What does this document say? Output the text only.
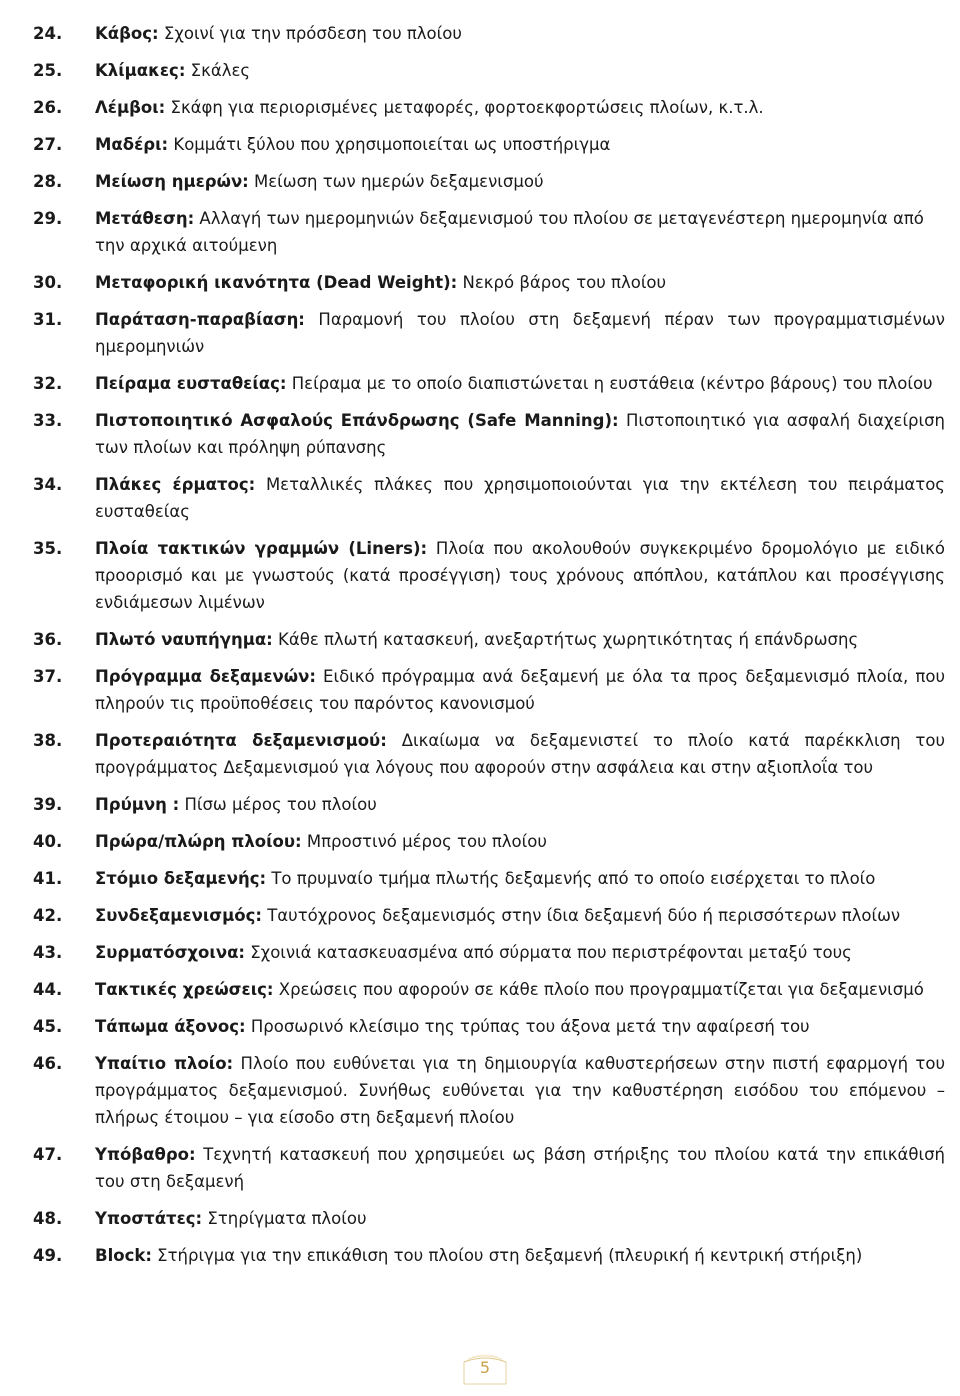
24.	Κάβος: Σχοινί για την πρόσδεση του πλοίου
25.	Κλίμακες: Σκάλες
26.	Λέμβοι: Σκάφη για περιορισμένες μεταφορές, φορτοεκφορτώσεις πλοίων, κ.τ.λ.
27.	Μαδέρι: Κομμάτι ξύλου που χρησιμοποιείται ως υποστήριγμα
28.	Μείωση ημερών: Μείωση των ημερών δεξαμενισμού
29.	Μετάθεση: Αλλαγή των ημερομηνιών δεξαμενισμού του πλοίου σε μεταγενέστερη ημερομηνία από την αρχικά αιτούμενη
30.	Μεταφορική ικανότητα (Dead Weight): Νεκρό βάρος του πλοίου
31.	Παράταση-παραβίαση: Παραμονή του πλοίου στη δεξαμενή πέραν των προγραμματισμένων ημερομηνιών
32.	Πείραμα ευσταθείας: Πείραμα με το οποίο διαπιστώνεται η ευστάθεια (κέντρο βάρους) του πλοίου
33.	Πιστοποιητικό Ασφαλούς Επάνδρωσης (Safe Manning): Πιστοποιητικό για ασφαλή διαχείριση των πλοίων και πρόληψη ρύπανσης
34.	Πλάκες έρματος: Μεταλλικές πλάκες που χρησιμοποιούνται για την εκτέλεση του πειράματος ευσταθείας
35.	Πλοία τακτικών γραμμών (Liners): Πλοία που ακολουθούν συγκεκριμένο δρομολόγιο με ειδικό προορισμό και με γνωστούς (κατά προσέγγιση) τους χρόνους απόπλου, κατάπλου και προσέγγισης ενδιάμεσων λιμένων
36.	Πλωτό ναυπήγημα: Κάθε πλωτή κατασκευή, ανεξαρτήτως χωρητικότητας ή επάνδρωσης
37.	Πρόγραμμα δεξαμενών: Ειδικό πρόγραμμα ανά δεξαμενή με όλα τα προς δεξαμενισμό πλοία, που πληρούν τις προϋποθέσεις του παρόντος κανονισμού
38.	Προτεραιότητα δεξαμενισμού: Δικαίωμα να δεξαμενιστεί το πλοίο κατά παρέκκλιση του προγράμματος Δεξαμενισμού για λόγους που αφορούν στην ασφάλεια και στην αξιοπλοΐα του
39.	Πρύμνη : Πίσω μέρος του πλοίου
40.	Πρώρα/πλώρη πλοίου: Μπροστινό μέρος του πλοίου
41.	Στόμιο δεξαμενής: Το πρυμναίο τμήμα πλωτής δεξαμενής από το οποίο εισέρχεται το πλοίο
42.	Συνδεξαμενισμός: Ταυτόχρονος δεξαμενισμός στην ίδια δεξαμενή δύο ή περισσότερων πλοίων
43.	Συρματόσχοινα: Σχοινιά κατασκευασμένα από σύρματα που περιστρέφονται μεταξύ τους
44.	Τακτικές χρεώσεις: Χρεώσεις που αφορούν σε κάθε πλοίο που προγραμματίζεται για δεξαμενισμό
45.	Τάπωμα άξονος: Προσωρινό κλείσιμο της τρύπας του άξονα μετά την αφαίρεσή του
46.	Υπαίτιο πλοίο: Πλοίο που ευθύνεται για τη δημιουργία καθυστερήσεων στην πιστή εφαρμογή του προγράμματος δεξαμενισμού. Συνήθως ευθύνεται για την καθυστέρηση εισόδου του επόμενου – πλήρως έτοιμου – για είσοδο στη δεξαμενή πλοίου
47.	Υπόβαθρο: Τεχνητή κατασκευή που χρησιμεύει ως βάση στήριξης του πλοίου κατά την επικάθισή του στη δεξαμενή
48.	Υποστάτες: Στηρίγματα πλοίου
49.	Block: Στήριγμα για την επικάθιση του πλοίου στη δεξαμενή (πλευρική ή κεντρική στήριξη)
5
